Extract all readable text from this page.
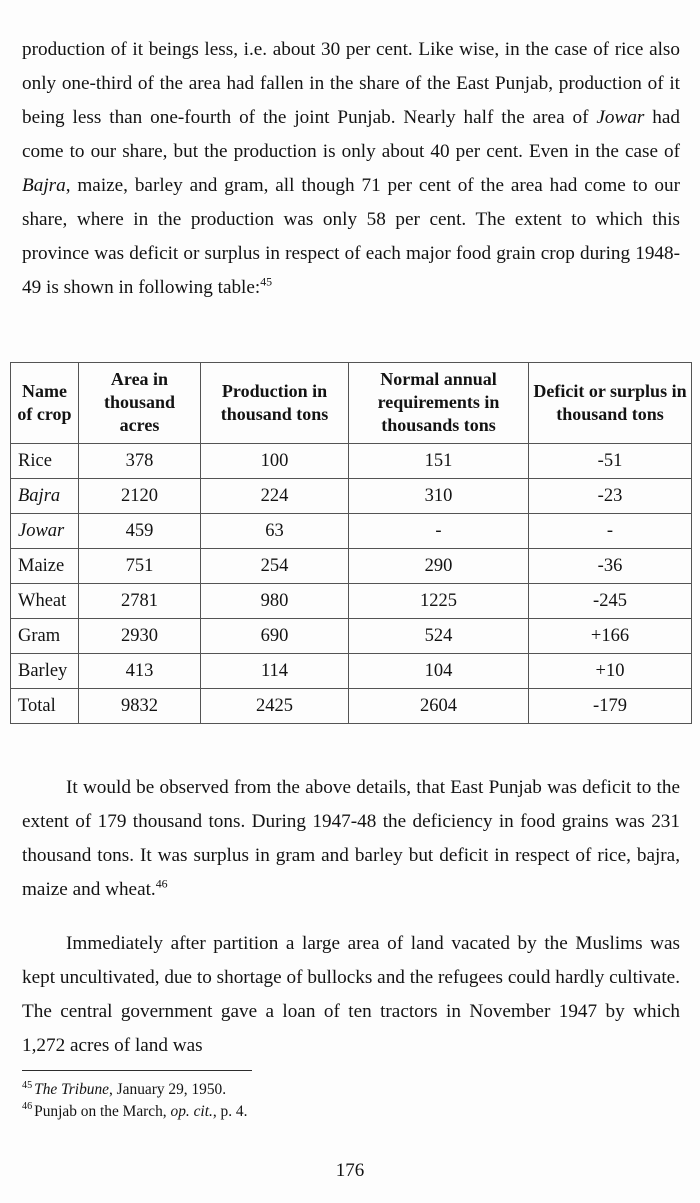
production of it beings less, i.e. about 30 per cent. Like wise, in the case of rice also only one-third of the area had fallen in the share of the East Punjab, production of it being less than one-fourth of the joint Punjab. Nearly half the area of Jowar had come to our share, but the production is only about 40 per cent. Even in the case of Bajra, maize, barley and gram, all though 71 per cent of the area had come to our share, where in the production was only 58 per cent. The extent to which this province was deficit or surplus in respect of each major food grain crop during 1948-49 is shown in following table:$^{45}$

Name of crop	Area in thousand acres	Production in thousand tons	Normal annual requirements in thousands tons	Deficit or surplus in thousand tons
Rice	378	100	151	-51
Bajra	2120	224	310	-23
Jowar	459	63	-	-
Maize	751	254	290	-36
Wheat	2781	980	1225	-245
Gram	2930	690	524	+166
Barley	413	114	104	+10
Total	9832	2425	2604	-179

It would be observed from the above details, that East Punjab was deficit to the extent of 179 thousand tons. During 1947-48 the deficiency in food grains was 231 thousand tons. It was surplus in gram and barley but deficit in respect of rice, bajra, maize and wheat.$^{46}$

Immediately after partition a large area of land vacated by the Muslims was kept uncultivated, due to shortage of bullocks and the refugees could hardly cultivate. The central government gave a loan of ten tractors in November 1947 by which 1,272 acres of land was

$^{45}$ The Tribune, January 29, 1950.
$^{46}$ Punjab on the March, op. cit., p. 4.
176
